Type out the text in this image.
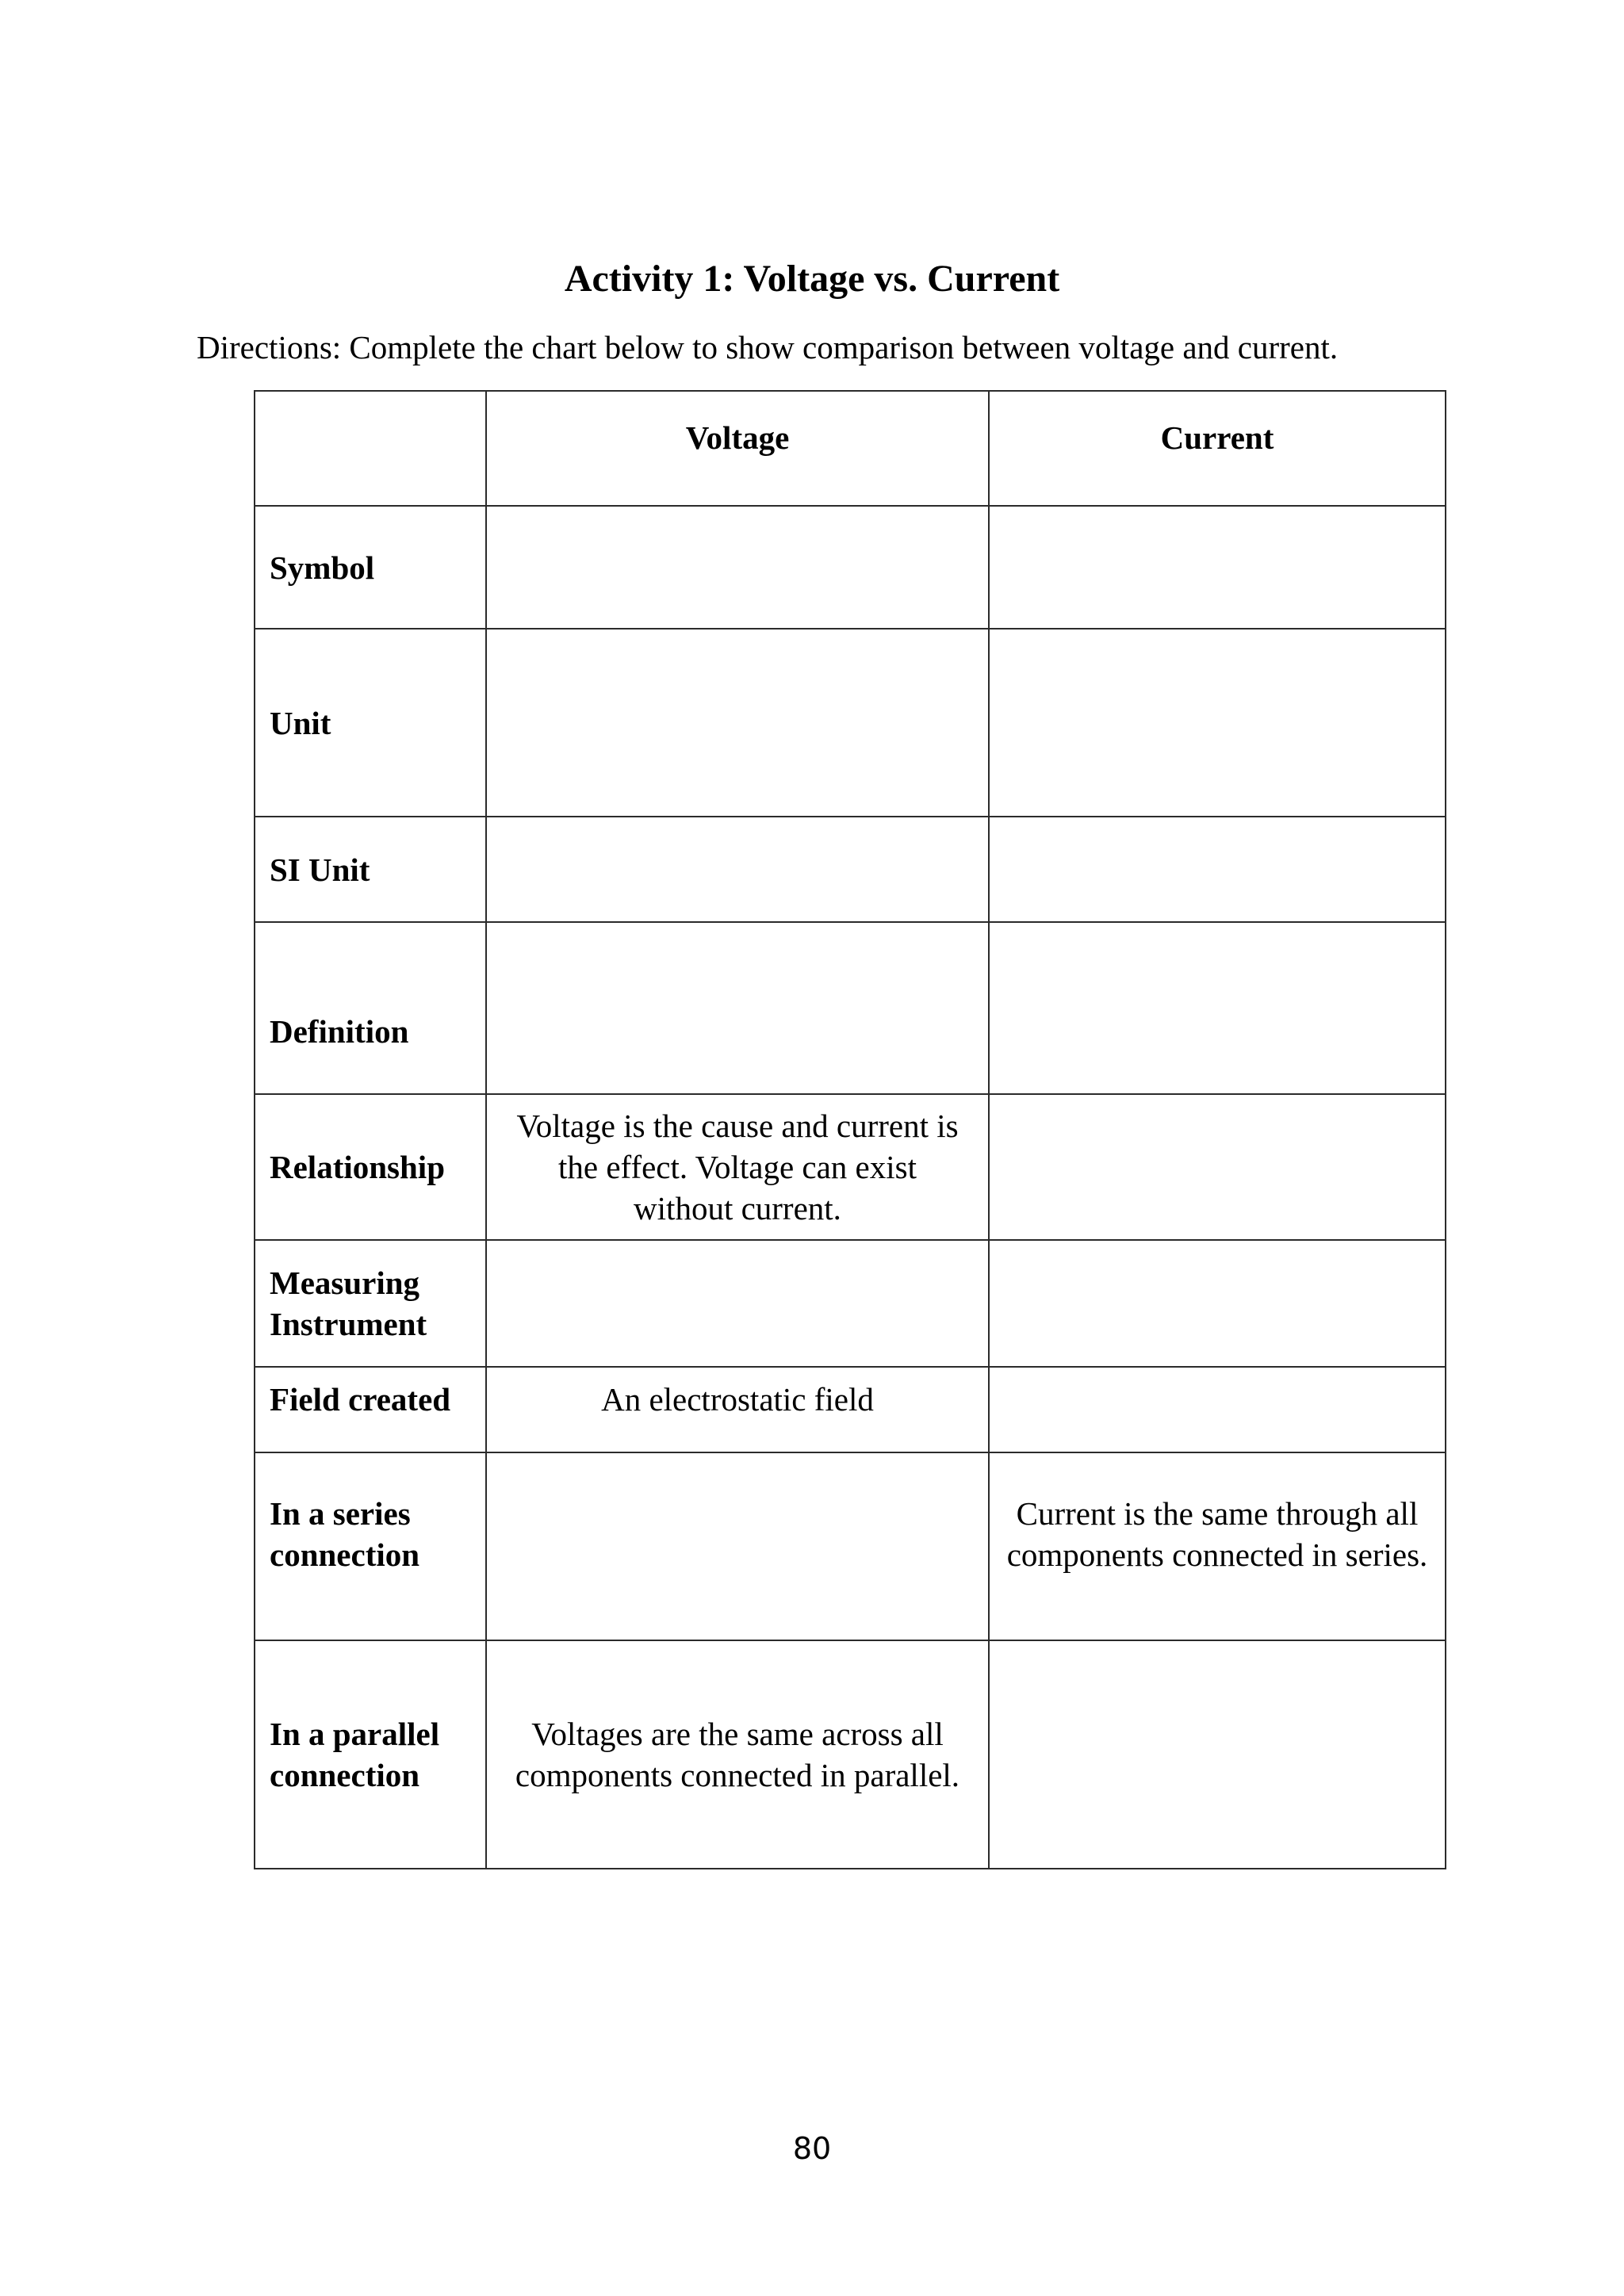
Activity 1: Voltage vs. Current
Directions: Complete the chart below to show comparison between voltage and current.
	Voltage	Current
Symbol		
Unit		
SI Unit		
Definition		
Relationship	Voltage is the cause and current is the effect. Voltage can exist without current.	
Measuring Instrument		
Field created	An electrostatic field	
In a series connection		Current is the same through all components connected in series.
In a parallel connection	Voltages are the same across all components connected in parallel.	
80
